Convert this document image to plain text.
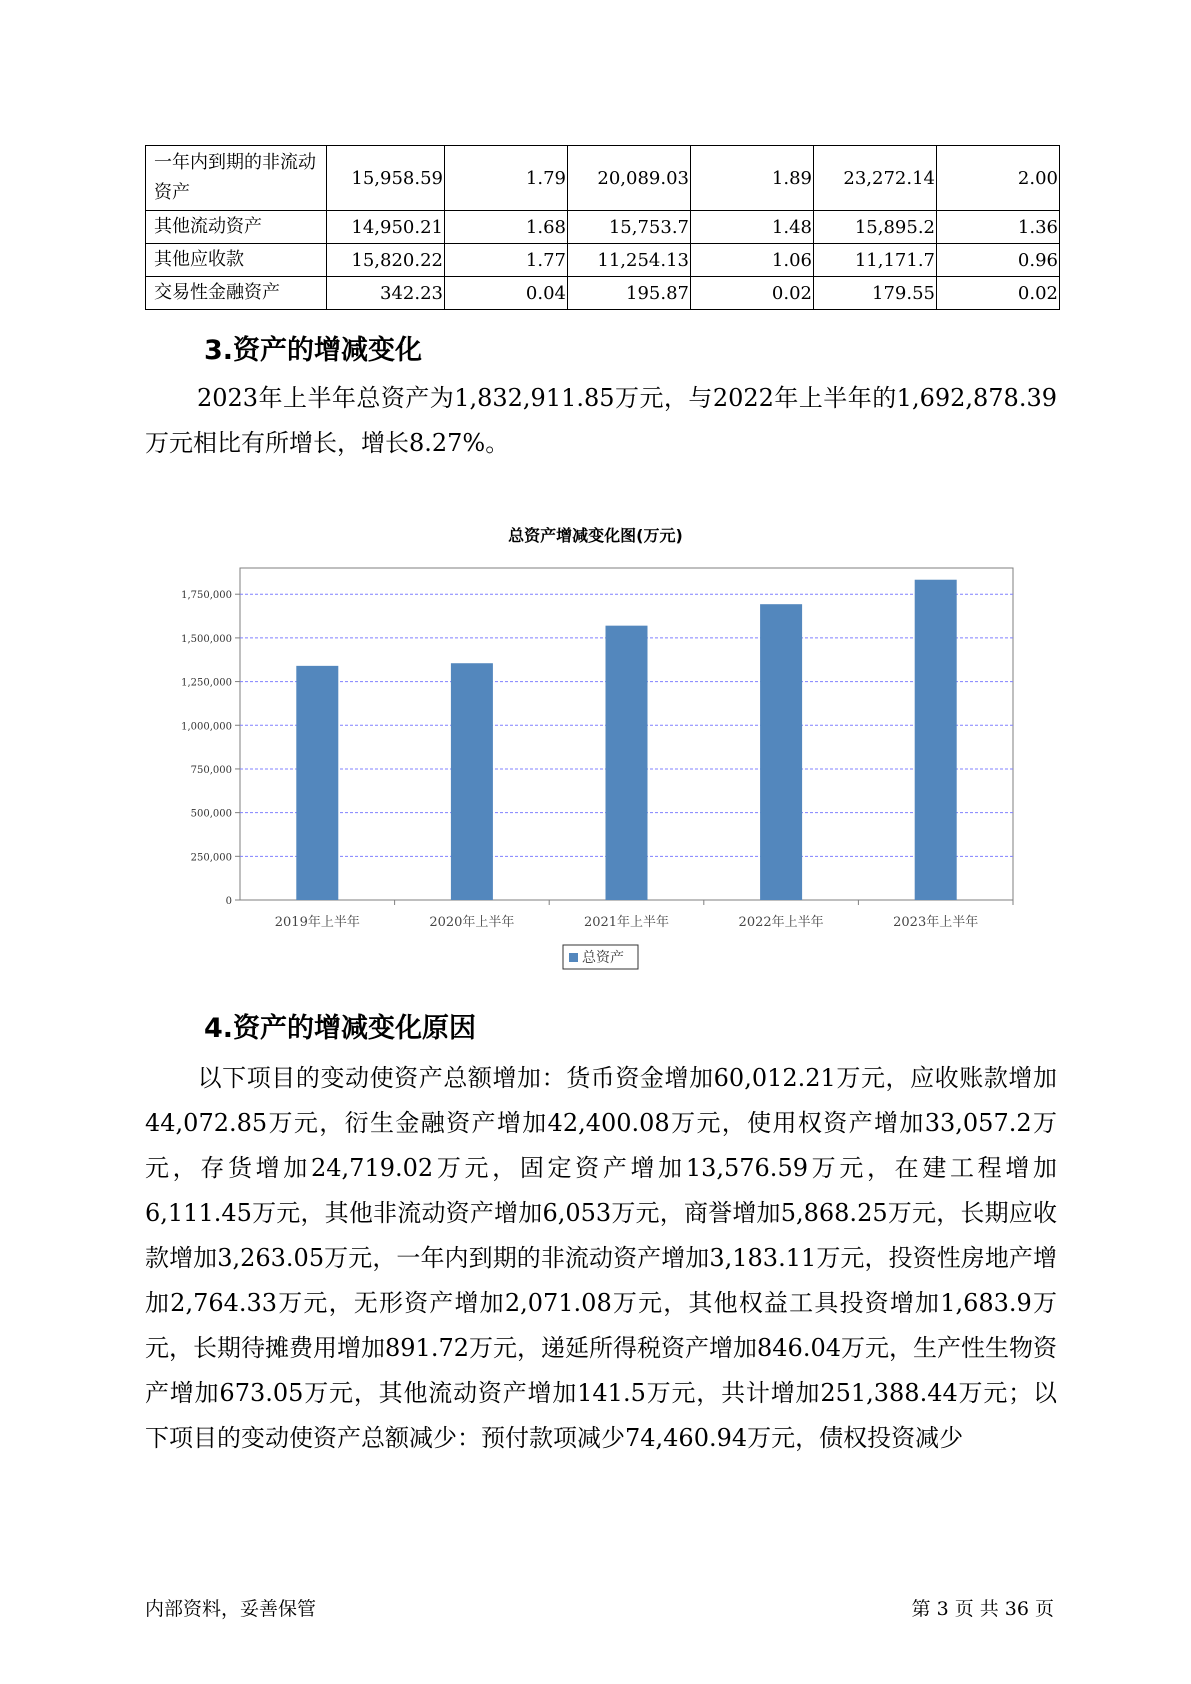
一年内到期的非流动资产	15,958.59	1.79	20,089.03	1.89	23,272.14	2.00
其他流动资产	14,950.21	1.68	15,753.7	1.48	15,895.2	1.36
其他应收款	15,820.22	1.77	11,254.13	1.06	11,171.7	0.96
交易性金融资产	342.23	0.04	195.87	0.02	179.55	0.02
3.资产的增减变化

2023年上半年总资产为1,832,911.85万元，与2022年上半年的1,692,878.39万元相比有所增长，增长8.27%。

总资产增减变化图(万元)
0
250,000
500,000
750,000
1,000,000
1,250,000
1,500,000
1,750,000
2019年上半年	2020年上半年	2021年上半年	2022年上半年	2023年上半年
总资产
4.资产的增减变化原因

以下项目的变动使资产总额增加：货币资金增加60,012.21万元，应收账款增加44,072.85万元，衍生金融资产增加42,400.08万元，使用权资产增加33,057.2万元，存货增加24,719.02万元，固定资产增加13,576.59万元，在建工程增加6,111.45万元，其他非流动资产增加6,053万元，商誉增加5,868.25万元，长期应收款增加3,263.05万元，一年内到期的非流动资产增加3,183.11万元，投资性房地产增加2,764.33万元，无形资产增加2,071.08万元，其他权益工具投资增加1,683.9万元，长期待摊费用增加891.72万元，递延所得税资产增加846.04万元，生产性生物资产增加673.05万元，其他流动资产增加141.5万元，共计增加251,388.44万元；以下项目的变动使资产总额减少：预付款项减少74,460.94万元，债权投资减少

内部资料，妥善保管	第 3 页 共 36 页
